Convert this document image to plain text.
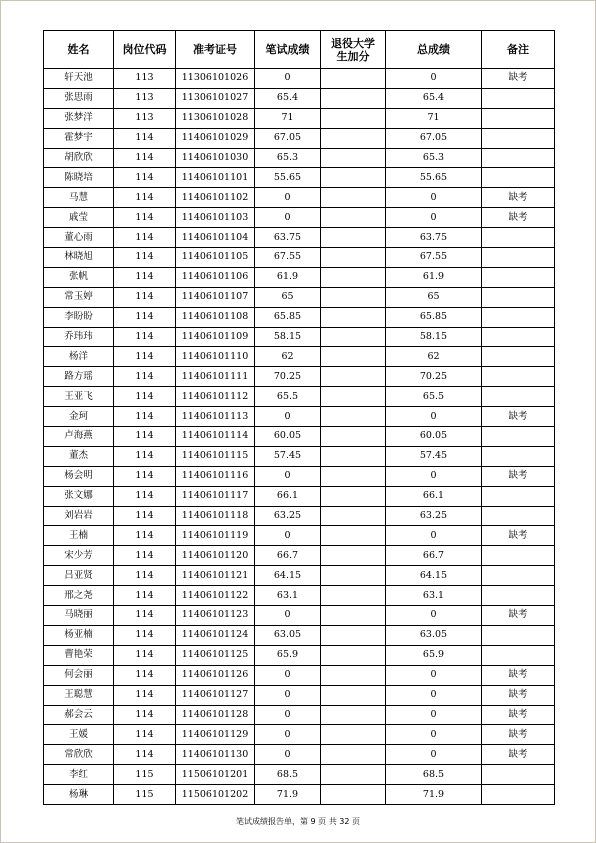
姓名	岗位代码	准考证号	笔试成绩	退役大学生加分	总成绩	备注
轩天池	113	11306101026	0		0	缺考
张思雨	113	11306101027	65.4		65.4	
张梦洋	113	11306101028	71		71	
霍梦宇	114	11406101029	67.05		67.05	
胡欣欣	114	11406101030	65.3		65.3	
陈晓培	114	11406101101	55.65		55.65	
马慧	114	11406101102	0		0	缺考
戚莹	114	11406101103	0		0	缺考
董心雨	114	11406101104	63.75		63.75	
林晓旭	114	11406101105	67.55		67.55	
张帆	114	11406101106	61.9		61.9	
常玉婷	114	11406101107	65		65	
李盼盼	114	11406101108	65.85		65.85	
乔玮玮	114	11406101109	58.15		58.15	
杨洋	114	11406101110	62		62	
路方瑶	114	11406101111	70.25		70.25	
王亚飞	114	11406101112	65.5		65.5	
金珂	114	11406101113	0		0	缺考
卢海燕	114	11406101114	60.05		60.05	
董杰	114	11406101115	57.45		57.45	
杨会明	114	11406101116	0		0	缺考
张文娜	114	11406101117	66.1		66.1	
刘岩岩	114	11406101118	63.25		63.25	
王楠	114	11406101119	0		0	缺考
宋少芳	114	11406101120	66.7		66.7	
吕亚贤	114	11406101121	64.15		64.15	
邢之尧	114	11406101122	63.1		63.1	
马晓丽	114	11406101123	0		0	缺考
杨亚楠	114	11406101124	63.05		63.05	
曹艳荣	114	11406101125	65.9		65.9	
何会丽	114	11406101126	0		0	缺考
王聪慧	114	11406101127	0		0	缺考
郝会云	114	11406101128	0		0	缺考
王媛	114	11406101129	0		0	缺考
常欣欣	114	11406101130	0		0	缺考
李红	115	11506101201	68.5		68.5	
杨琳	115	11506101202	71.9		71.9	
笔试成绩报告单，第 9 页 共 32 页
